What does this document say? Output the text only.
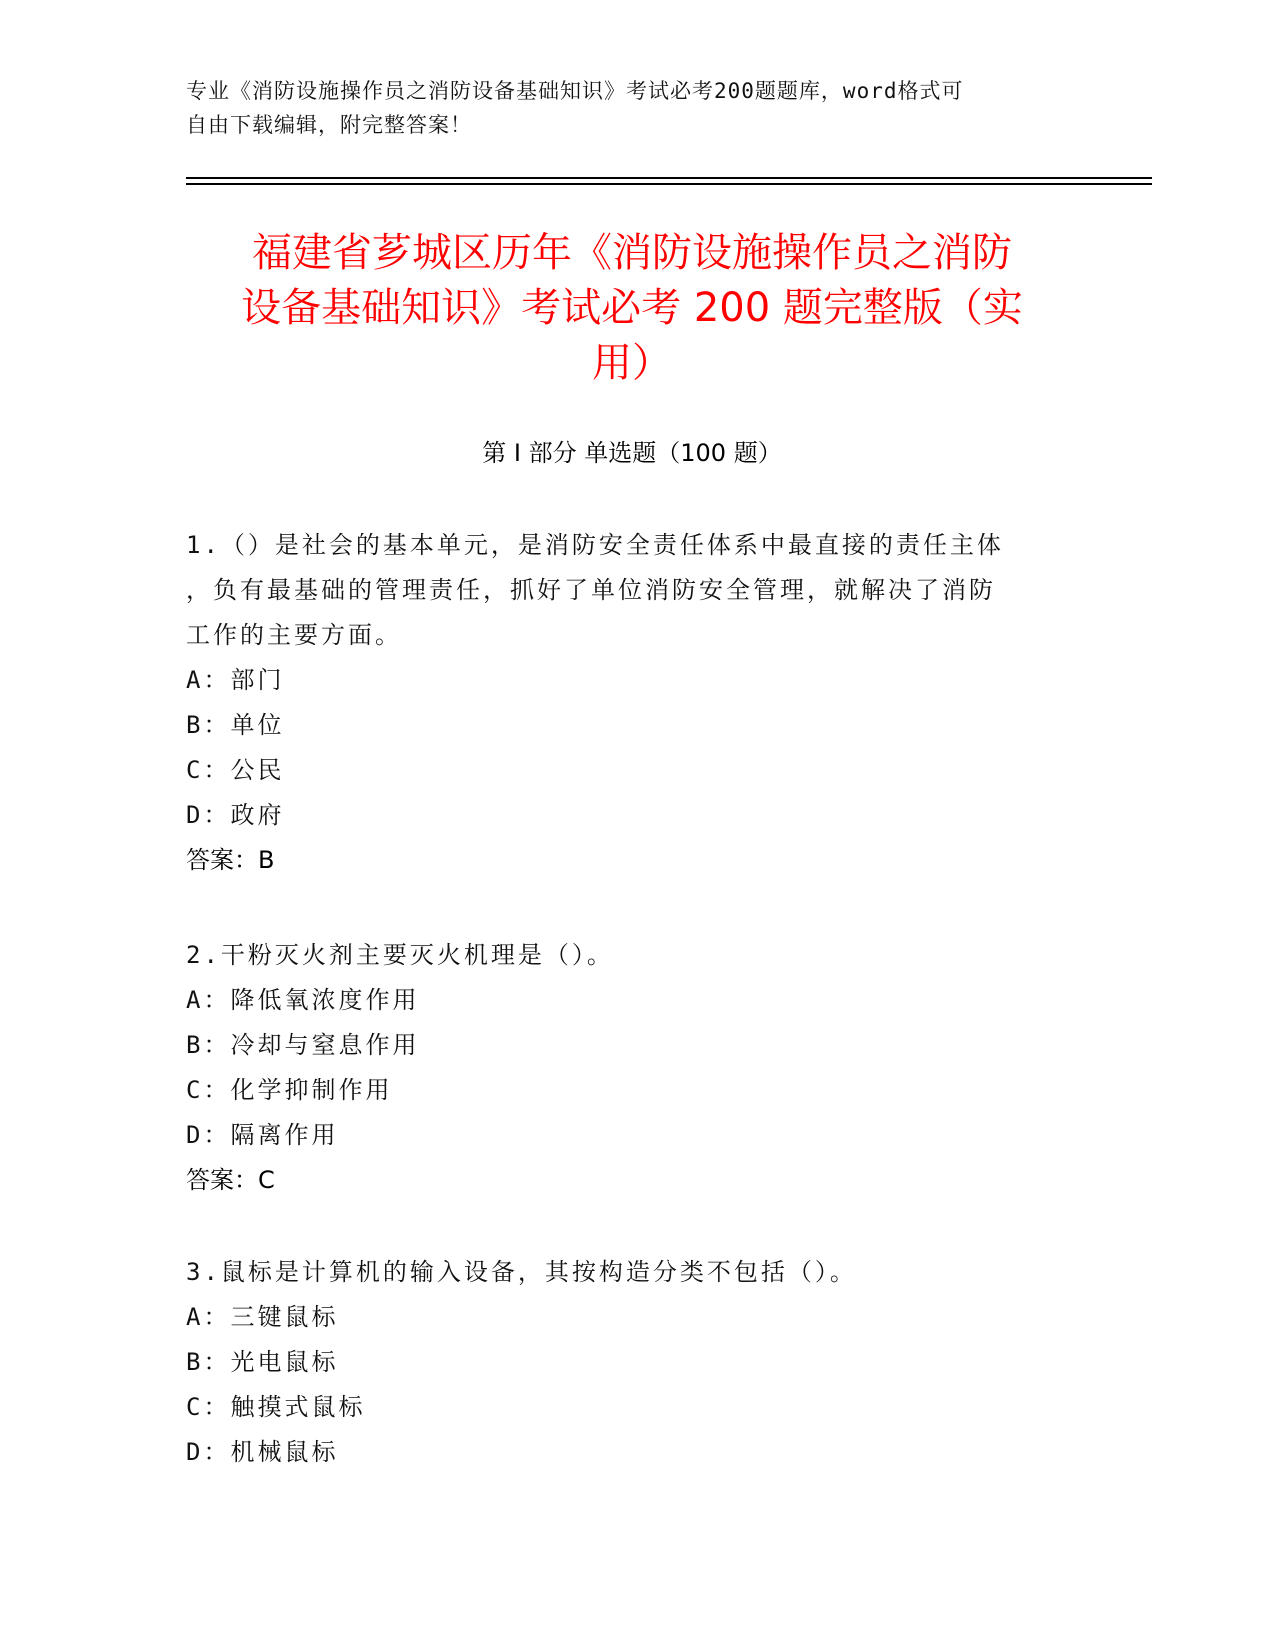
专业《消防设施操作员之消防设备基础知识》考试必考200题题库，word格式可
自由下载编辑，附完整答案！
福建省芗城区历年《消防设施操作员之消防
设备基础知识》考试必考 200 题完整版（实
用）
第 I 部分 单选题（100 题）

1.（）是社会的基本单元，是消防安全责任体系中最直接的责任主体

，负有最基础的管理责任，抓好了单位消防安全管理，就解决了消防

工作的主要方面。

A：部门

B：单位

C：公民

D：政府

答案：B

2.干粉灭火剂主要灭火机理是（）。

A：降低氧浓度作用

B：冷却与窒息作用

C：化学抑制作用

D：隔离作用

答案：C

3.鼠标是计算机的输入设备，其按构造分类不包括（）。

A：三键鼠标

B：光电鼠标

C：触摸式鼠标

D：机械鼠标
